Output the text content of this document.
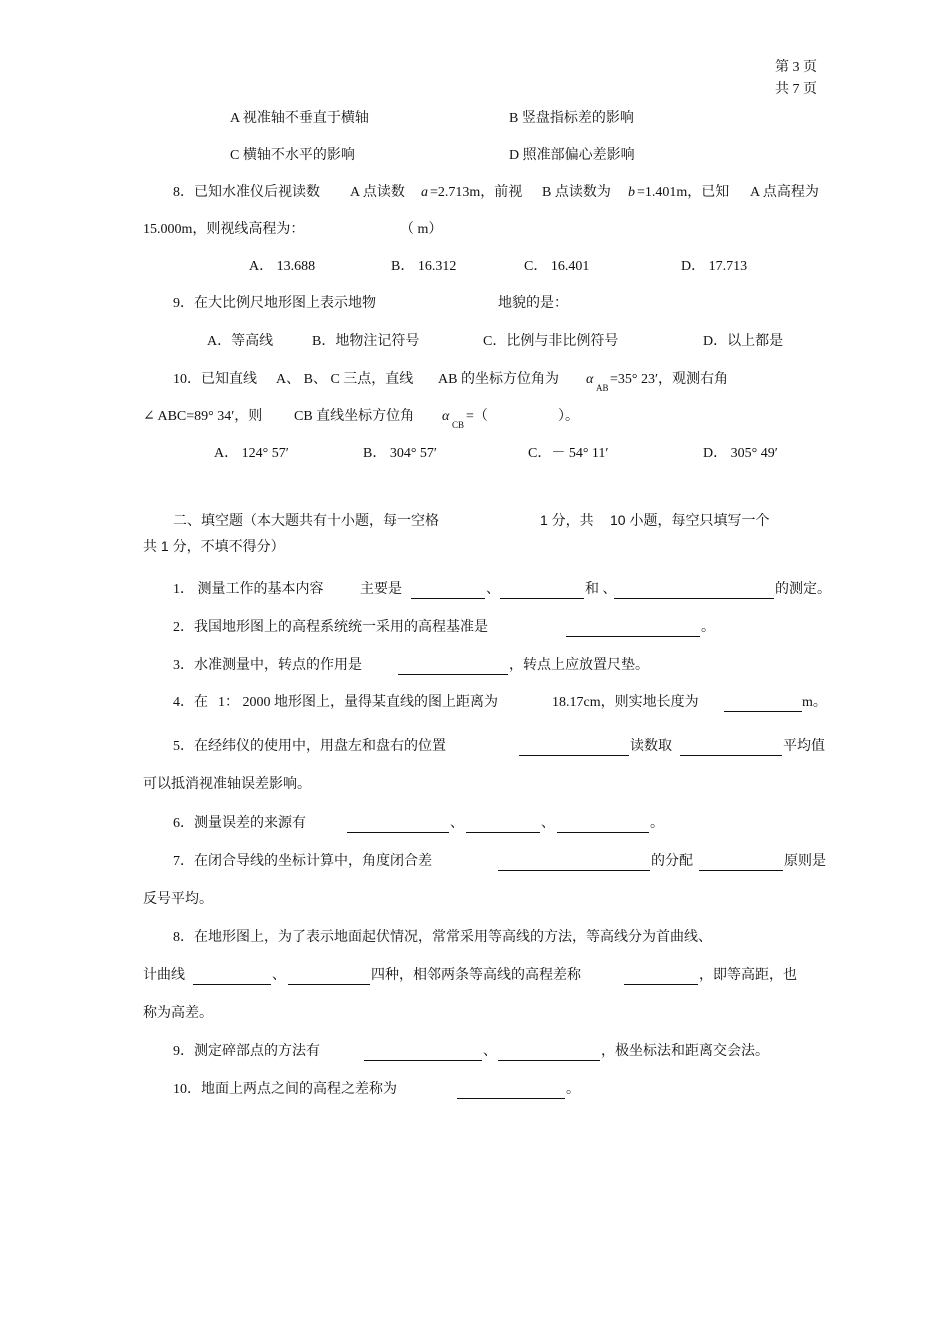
第 3 页
共 7 页
A 视准轴不垂直于横轴	B 竖盘指标差的影响
C 横轴不水平的影响	D 照准部偏心差影响
8．已知水准仪后视读数 A 点读数 a =2.713m，前视 B 点读数为 b =1.401m，已知 A 点高程为
15.000m，则视线高程为：	（ m）
A． 13.688	B． 16.312	C． 16.401	D． 17.713
9．在大比例尺地形图上表示地物	地貌的是：
A．等高线	B．地物注记符号	C．比例与非比例符号	D．以上都是
10．已知直线 A、 B、 C 三点，直线 AB 的坐标方位角为 α
AB
=35° 23′，观测右角
∠ ABC=89° 34′，则 CB 直线坐标方位角 α
CB
=（	）。
A． 124° 57′	B． 304° 57′	C．－ 54° 11′	D． 305° 49′
二、填空题（本大题共有十小题，每一空格	1 分，共 10 小题，每空只填写一个
共 1 分，不填不得分）
1． 测量工作的基本内容	主要是	、	和 、	的测定。
2．我国地形图上的高程系统统一采用的高程基准是	。
3．水准测量中，转点的作用是	，转点上应放置尺垫。
4．在 1： 2000 地形图上，量得某直线的图上距离为	18.17cm，则实地长度为	m。
5．在经纬仪的使用中，用盘左和盘右的位置	读数取	平均值
可以抵消视准轴误差影响。
6．测量误差的来源有	、	、	。
7．在闭合导线的坐标计算中，角度闭合差	的分配	原则是
反号平均。
8．在地形图上，为了表示地面起伏情况，常常采用等高线的方法，等高线分为首曲线、
计曲线	、	四种，相邻两条等高线的高程差称	，即等高距，也
称为高差。
9．测定碎部点的方法有	、	，极坐标法和距离交会法。
10．地面上两点之间的高程之差称为	。
